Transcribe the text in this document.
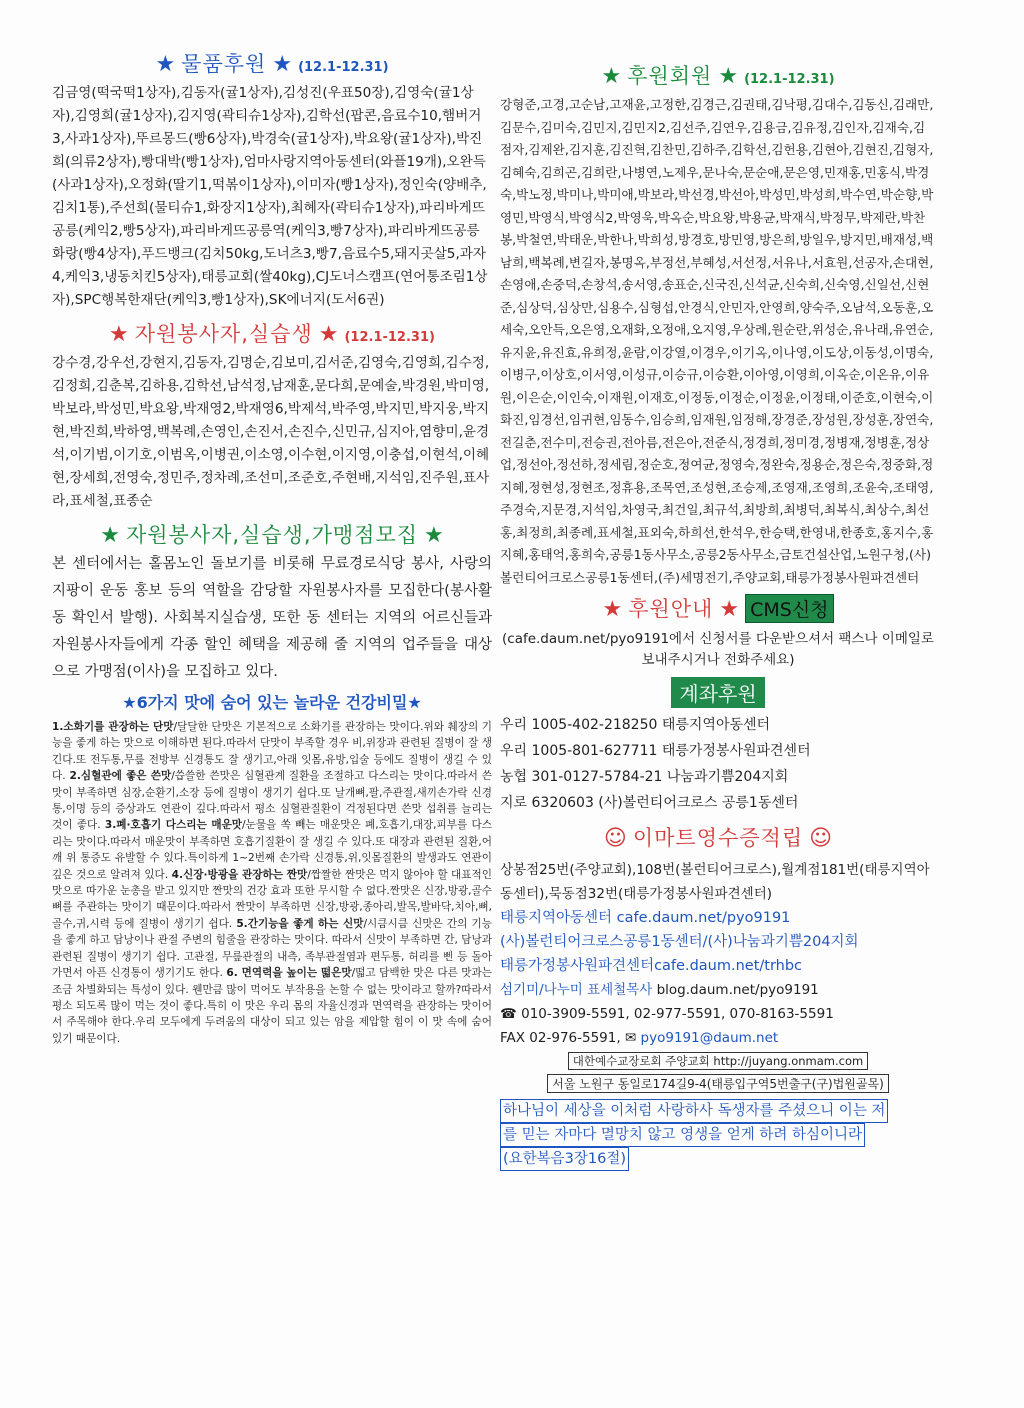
★ 물품후원 ★ (12.1-12.31)

김금영(떡국떡1상자),김동자(귤1상자),김성진(우표50장),김영숙(귤1상자),김영희(귤1상자),김지영(곽티슈1상자),김학선(팝콘,음료수10,햄버거3,사과1상자),뚜르몽드(빵6상자),박경숙(귤1상자),박요왕(귤1상자),박진희(의류2상자),빵대박(빵1상자),엄마사랑지역아동센터(와플19개),오완득(사과1상자),오정화(딸기1,떡볶이1상자),이미자(빵1상자),정인숙(양배추,김치1통),주선희(물티슈1,화장지1상자),최혜자(곽티슈1상자),파리바게뜨공릉(케익2,빵5상자),파리바게뜨공릉역(케익3,빵7상자),파리바게뜨공릉화랑(빵4상자),푸드뱅크(김치50kg,도너츠3,빵7,음료수5,돼지곳살5,과자4,케익3,냉동치킨5상자),태릉교회(쌀40kg),CJ도너스캠프(연어통조림1상자),SPC행복한재단(케익3,빵1상자),SK에너지(도서6권)

★ 자원봉사자,실습생 ★ (12.1-12.31)

강수경,강우선,강현지,김동자,김명순,김보미,김서준,김영숙,김영희,김수정,김정희,김춘복,김하용,김학선,남석정,남재훈,문다희,문예술,박경원,박미영,박보라,박성민,박요왕,박재영2,박재영6,박제석,박주영,박지민,박지웅,박지현,박진희,박하영,백복례,손영인,손진서,손진수,신민규,심지아,염향미,윤경석,이기범,이기호,이범옥,이병권,이소영,이수현,이지영,이충섭,이현석,이혜현,장세희,전영숙,정민주,정차례,조선미,조준호,주현배,지석임,진주원,표사라,표세철,표종순

★ 자원봉사자,실습생,가맹점모집 ★

본 센터에서는 홀몸노인 돌보기를 비롯해 무료경로식당 봉사, 사랑의 지팡이 운동 홍보 등의 역할을 감당할 자원봉사자를 모집한다(봉사활동 확인서 발행). 사회복지실습생, 또한 동 센터는 지역의 어르신들과 자원봉사자들에게 각종 할인 혜택을 제공해 줄 지역의 업주들을 대상으로 가맹점(이사)을 모집하고 있다.

★6가지 맛에 숨어 있는 놀라운 건강비밀★

1.소화기를 관장하는 단맛/달달한 단맛은 기본적으로 소화기를 관장하는 맛이다.위와 췌장의 기능을 좋게 하는 맛으로 이해하면 된다.따라서 단맛이 부족할 경우 비,위장과 관련된 질병이 잘 생긴다.또 전두통,무릎 전방부 신경통도 잘 생기고,아래 잇몸,유방,입술 등에도 질병이 생길 수 있다. 2.심혈관에 좋은 쓴맛/씁쓸한 쓴맛은 심혈관계 질환을 조절하고 다스리는 맛이다.따라서 쓴맛이 부족하면 심장,순환기,소장 등에 질병이 생기기 쉽다.또 날개뼈,팔,주관절,새끼손가락 신경통,이명 등의 증상과도 연관이 깊다.따라서 평소 심혈관질환이 걱정된다면 쓴맛 섭취를 늘리는 것이 좋다. 3.폐·호흡기 다스리는 매운맛/눈물을 쏙 빼는 매운맛은 폐,호흡기,대장,피부를 다스리는 맛이다.따라서 매운맛이 부족하면 호흡기질환이 잘 생길 수 있다.또 대장과 관련된 질환,어깨 위 통증도 유발할 수 있다.특이하게 1~2번째 손가락 신경통,위,잇몸질환의 발생과도 연관이 깊은 것으로 알려져 있다. 4.신장·방광을 관장하는 짠맛/짭짤한 짠맛은 먹지 않아야 할 대표적인 맛으로 따가운 눈총을 받고 있지만 짠맛의 건강 효과 또한 무시할 수 없다.짠맛은 신장,방광,골수 뼈를 주관하는 맛이기 때문이다.따라서 짠맛이 부족하면 신장,방광,종아리,발목,발바닥,치아,뼈,골수,귀,시력 등에 질병이 생기기 쉽다. 5.간기능을 좋게 하는 신맛/시큼시큼 신맛은 간의 기능을 좋게 하고 담낭이나 관절 주변의 힘줄을 관장하는 맛이다. 따라서 신맛이 부족하면 간, 담낭과 관련된 질병이 생기기 쉽다. 고관절, 무릎관절의 내측, 족부관절염과 편두통, 허리를 삔 등 돌아가면서 아픈 신경통이 생기기도 한다. 6. 면역력을 높이는 떫은맛/떫고 담백한 맛은 다른 맛과는 조금 차별화되는 특성이 있다. 웬만큼 많이 먹어도 부작용을 논할 수 없는 맛이라고 할까?따라서 평소 되도록 많이 먹는 것이 좋다.특히 이 맛은 우리 몸의 자율신경과 면역력을 관장하는 맛이어서 주목해야 한다.우리 모두에게 두려움의 대상이 되고 있는 암을 제압할 힘이 이 맛 속에 숨어 있기 때문이다.

★ 후원회원 ★ (12.1-12.31)

강형준,고경,고순남,고재윤,고정한,김경근,김권태,김낙평,김대수,김동신,김래만,김문수,김미숙,김민지,김민지2,김선주,김연우,김용금,김유정,김인자,김재숙,김점자,김제완,김지훈,김진혁,김찬민,김하주,김학선,김헌용,김현아,김현진,김형자,김혜숙,김희곤,김희란,나병연,노제우,문나숙,문순애,문은영,민재홍,민홍식,박경숙,박노정,박미나,박미애,박보라,박선경,박선아,박성민,박성희,박수연,박순향,박영민,박영식,박영식2,박영욱,박옥순,박요왕,박용균,박재식,박정무,박제란,박찬봉,박철연,박태운,박한나,박희성,방경호,방민영,방은희,방일우,방지민,배재성,백남희,백복례,변길자,봉명옥,부정선,부혜성,서선정,서유나,서효원,선공자,손대현,손영애,손중덕,손창석,송서영,송표순,신국진,신석균,신숙희,신숙영,신일선,신현준,심상덕,심상만,심용수,심형섭,안경식,안민자,안영희,양숙주,오남석,오동훈,오세숙,오안득,오은영,오재화,오정애,오지영,우상례,원순란,위성순,유나래,유연순,유지윤,유진효,유희정,윤람,이강열,이경우,이기옥,이나영,이도상,이동성,이명숙,이병구,이상호,이서영,이성규,이승규,이승환,이아영,이영희,이옥순,이온유,이유원,이은순,이인숙,이재원,이재호,이정동,이정순,이정윤,이정태,이준호,이현숙,이화진,임경선,임귀현,임동수,임승희,임재원,임정해,장경준,장성원,장성훈,장연숙,전길춘,전수미,전승권,전아름,전은아,전준식,정경희,정미경,정병재,정병훈,정상업,정선아,정선하,정세림,정순호,정여균,정영숙,정완숙,정용순,정은숙,정중화,정지혜,정현성,정현조,정휴용,조목연,조성현,조승제,조영재,조영희,조윤숙,조태영,주경숙,지문경,지석임,차영국,최건일,최규석,최방희,최병덕,최복식,최상수,최선홍,최정희,최종례,표세철,표외숙,하희선,한석우,한승택,한영내,한종호,홍지수,홍지혜,홍태억,홍희숙,공릉1동사무소,공릉2동사무소,금토건설산업,노원구청,(사)볼런티어크로스공릉1동센터,(주)세명전기,주양교회,태릉가정봉사원파견센터

★ 후원안내 ★ CMS신청

(cafe.daum.net/pyo9191에서 신청서를 다운받으셔서 팩스나 이메일로 보내주시거나 전화주세요)

계좌후원

우리 1005-402-218250 태릉지역아동센터

우리 1005-801-627711 태릉가정봉사원파견센터

농협 301-0127-5784-21 나눔과기쁨204지회

지로 6320603 (사)볼런티어크로스 공릉1동센터

☺ 이마트영수증적립 ☺

상봉점25번(주양교회),108번(볼런티어크로스),월계점181번(태릉지역아동센터),묵동점32번(태릉가정봉사원파견센터)

태릉지역아동센터 cafe.daum.net/pyo9191

(사)볼런티어크로스공릉1동센터/(사)나눔과기쁨204지회

태릉가정봉사원파견센터cafe.daum.net/trhbc

섬기미/나누미 표세철목사 blog.daum.net/pyo9191

☎ 010-3909-5591, 02-977-5591, 070-8163-5591

FAX 02-976-5591, ✉ pyo9191@daum.net

대한예수교장로회 주양교회 http://juyang.onmam.com
서울 노원구 동일로174길9-4(태릉입구역5번출구(구)법원골목)
하나님이 세상을 이처럼 사랑하사 독생자를 주셨으니 이는 저
를 믿는 자마다 멸망치 않고 영생을 얻게 하려 하심이니라
(요한복음3장16절)
